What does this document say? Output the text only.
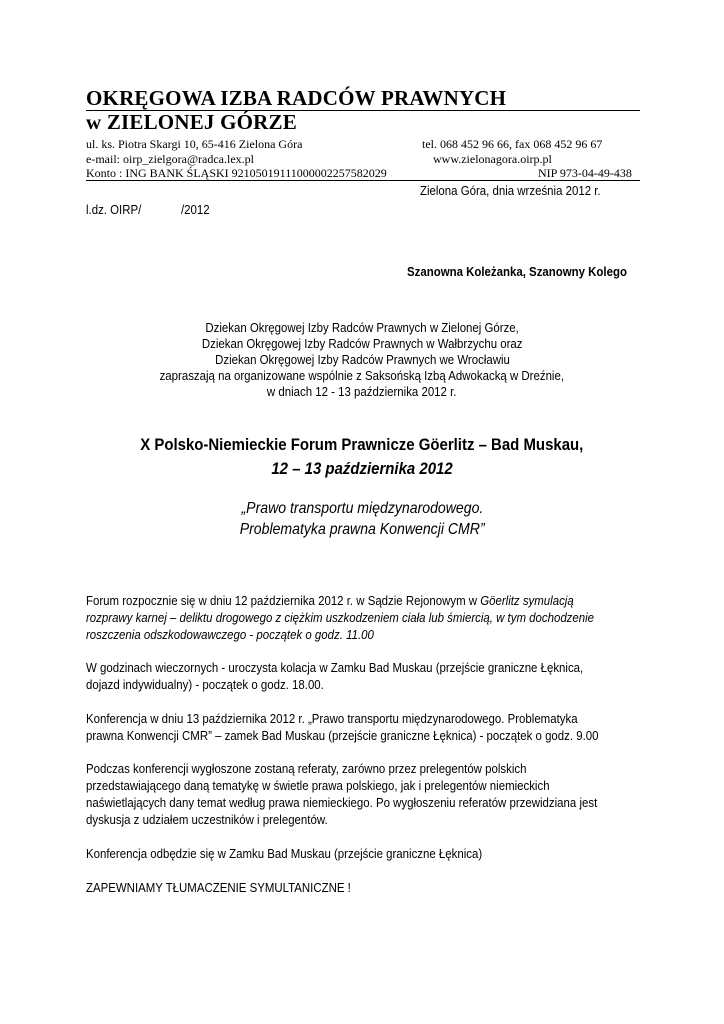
OKRĘGOWA IZBA RADCÓW PRAWNYCH
w ZIELONEJ GÓRZE
ul. ks. Piotra Skargi 10, 65-416 Zielona Góra	tel. 068 452 96 66, fax 068 452 96 67
e-mail: oirp_zielgora@radca.lex.pl	www.zielonagora.oirp.pl
Konto : ING BANK ŚLĄSKI 92105019111000002257582029	NIP 973-04-49-438
Zielona Góra, dnia września 2012 r.
l.dz. OIRP/	/2012
Szanowna Koleżanka, Szanowny Kolego
Dziekan Okręgowej Izby Radców Prawnych w Zielonej Górze,
Dziekan Okręgowej Izby Radców Prawnych w Wałbrzychu oraz
Dziekan Okręgowej Izby Radców Prawnych we Wrocławiu
zapraszają na organizowane wspólnie z Saksońską Izbą Adwokacką w Dreźnie,
w dniach 12 - 13 października 2012 r.
X Polsko-Niemieckie Forum Prawnicze Göerlitz – Bad Muskau,
12 – 13 października 2012
„Prawo transportu międzynarodowego.
Problematyka prawna Konwencji CMR”
Forum rozpocznie się w dniu 12 października 2012 r. w Sądzie Rejonowym w Göerlitz symulacją
rozprawy karnej – deliktu drogowego z ciężkim uszkodzeniem ciała lub śmiercią, w tym dochodzenie
roszczenia odszkodowawczego - początek o godz. 11.00
W godzinach wieczornych - uroczysta kolacja w Zamku Bad Muskau (przejście graniczne Łęknica,
dojazd indywidualny) - początek o godz. 18.00.
Konferencja w dniu 13 października 2012 r. „Prawo transportu międzynarodowego. Problematyka
prawna Konwencji CMR” – zamek Bad Muskau (przejście graniczne Łęknica) - początek o godz. 9.00
Podczas konferencji wygłoszone zostaną referaty, zarówno przez prelegentów polskich
przedstawiającego daną tematykę w świetle prawa polskiego, jak i prelegentów niemieckich
naświetlających dany temat według prawa niemieckiego. Po wygłoszeniu referatów przewidziana jest
dyskusja z udziałem uczestników i prelegentów.
Konferencja odbędzie się w Zamku Bad Muskau (przejście graniczne Łęknica)
ZAPEWNIAMY TŁUMACZENIE SYMULTANICZNE !
